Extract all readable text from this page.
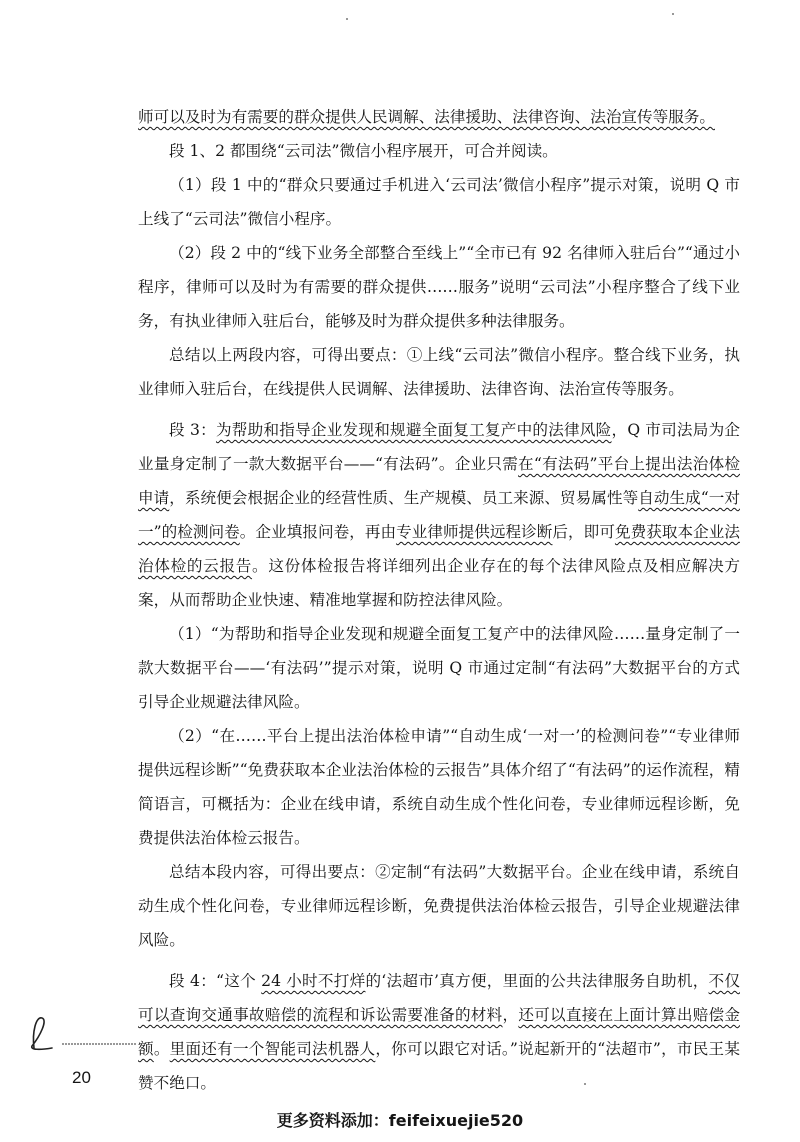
师可以及时为有需要的群众提供人民调解、法律援助、法律咨询、法治宣传等服务。

段 1、2 都围绕“云司法”微信小程序展开，可合并阅读。

（1）段 1 中的“群众只要通过手机进入‘云司法’微信小程序”提示对策，说明 Q 市上线了“云司法”微信小程序。

（2）段 2 中的“线下业务全部整合至线上”“全市已有 92 名律师入驻后台”“通过小程序，律师可以及时为有需要的群众提供……服务”说明“云司法”小程序整合了线下业务，有执业律师入驻后台，能够及时为群众提供多种法律服务。

总结以上两段内容，可得出要点：①上线“云司法”微信小程序。整合线下业务，执业律师入驻后台，在线提供人民调解、法律援助、法律咨询、法治宣传等服务。

段 3：为帮助和指导企业发现和规避全面复工复产中的法律风险，Q 市司法局为企业量身定制了一款大数据平台——“有法码”。企业只需在“有法码”平台上提出法治体检申请，系统便会根据企业的经营性质、生产规模、员工来源、贸易属性等自动生成“一对一”的检测问卷。企业填报问卷，再由专业律师提供远程诊断后，即可免费获取本企业法治体检的云报告。这份体检报告将详细列出企业存在的每个法律风险点及相应解决方案，从而帮助企业快速、精准地掌握和防控法律风险。

（1）“为帮助和指导企业发现和规避全面复工复产中的法律风险……量身定制了一款大数据平台——‘有法码’”提示对策，说明 Q 市通过定制“有法码”大数据平台的方式引导企业规避法律风险。

（2）“在……平台上提出法治体检申请”“自动生成‘一对一’的检测问卷”“专业律师提供远程诊断”“免费获取本企业法治体检的云报告”具体介绍了“有法码”的运作流程，精简语言，可概括为：企业在线申请，系统自动生成个性化问卷，专业律师远程诊断，免费提供法治体检云报告。

总结本段内容，可得出要点：②定制“有法码”大数据平台。企业在线申请，系统自动生成个性化问卷，专业律师远程诊断，免费提供法治体检云报告，引导企业规避法律风险。

段 4：“这个 24 小时不打烊的‘法超市’真方便，里面的公共法律服务自助机，不仅可以查询交通事故赔偿的流程和诉讼需要准备的材料，还可以直接在上面计算出赔偿金额。里面还有一个智能司法机器人，你可以跟它对话。”说起新开的“法超市”，市民王某赞不绝口。

20
更多资料添加：feifeixuejie520
